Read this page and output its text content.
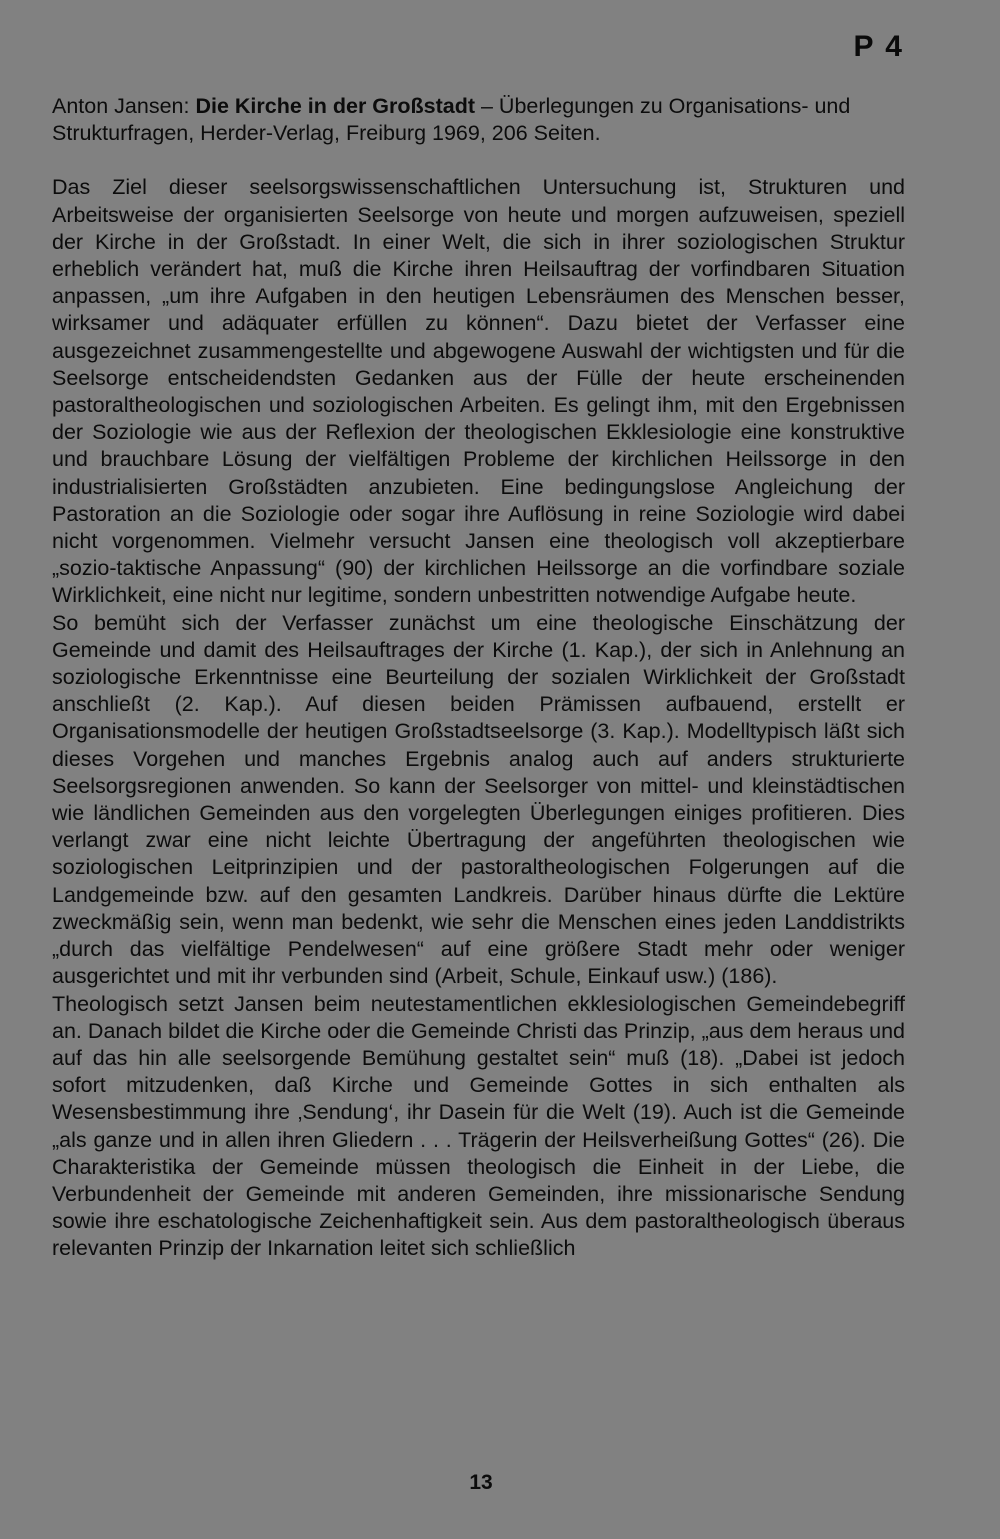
P 4

Anton Jansen: Die Kirche in der Großstadt – Überlegungen zu Organisations- und Strukturfragen, Herder-Verlag, Freiburg 1969, 206 Seiten.

Das Ziel dieser seelsorgswissenschaftlichen Untersuchung ist, Strukturen und Arbeitsweise der organisierten Seelsorge von heute und morgen aufzuweisen, speziell der Kirche in der Großstadt. In einer Welt, die sich in ihrer soziologischen Struktur erheblich verändert hat, muß die Kirche ihren Heilsauftrag der vorfindbaren Situation anpassen, „um ihre Aufgaben in den heutigen Lebensräumen des Menschen besser, wirksamer und adäquater erfüllen zu können“. Dazu bietet der Verfasser eine ausgezeichnet zusammengestellte und abgewogene Auswahl der wichtigsten und für die Seelsorge entscheidendsten Gedanken aus der Fülle der heute erscheinenden pastoraltheologischen und soziologischen Arbeiten. Es gelingt ihm, mit den Ergebnissen der Soziologie wie aus der Reflexion der theologischen Ekklesiologie eine konstruktive und brauchbare Lösung der vielfältigen Probleme der kirchlichen Heilssorge in den industrialisierten Großstädten anzubieten. Eine bedingungslose Angleichung der Pastoration an die Soziologie oder sogar ihre Auflösung in reine Soziologie wird dabei nicht vorgenommen. Vielmehr versucht Jansen eine theologisch voll akzeptierbare „sozio-taktische Anpassung“ (90) der kirchlichen Heilssorge an die vorfindbare soziale Wirklichkeit, eine nicht nur legitime, sondern unbestritten notwendige Aufgabe heute.

So bemüht sich der Verfasser zunächst um eine theologische Einschätzung der Gemeinde und damit des Heilsauftrages der Kirche (1. Kap.), der sich in Anlehnung an soziologische Erkenntnisse eine Beurteilung der sozialen Wirklichkeit der Großstadt anschließt (2. Kap.). Auf diesen beiden Prämissen aufbauend, erstellt er Organisationsmodelle der heutigen Großstadtseelsorge (3. Kap.). Modelltypisch läßt sich dieses Vorgehen und manches Ergebnis analog auch auf anders strukturierte Seelsorgsregionen anwenden. So kann der Seelsorger von mittel- und kleinstädtischen wie ländlichen Gemeinden aus den vorgelegten Überlegungen einiges profitieren. Dies verlangt zwar eine nicht leichte Übertragung der angeführten theologischen wie soziologischen Leitprinzipien und der pastoraltheologischen Folgerungen auf die Landgemeinde bzw. auf den gesamten Landkreis. Darüber hinaus dürfte die Lektüre zweckmäßig sein, wenn man bedenkt, wie sehr die Menschen eines jeden Landdistrikts „durch das vielfältige Pendelwesen“ auf eine größere Stadt mehr oder weniger ausgerichtet und mit ihr verbunden sind (Arbeit, Schule, Einkauf usw.) (186).

Theologisch setzt Jansen beim neutestamentlichen ekklesiologischen Gemeindebegriff an. Danach bildet die Kirche oder die Gemeinde Christi das Prinzip, „aus dem heraus und auf das hin alle seelsorgende Bemühung gestaltet sein“ muß (18). „Dabei ist jedoch sofort mitzudenken, daß Kirche und Gemeinde Gottes in sich enthalten als Wesensbestimmung ihre ‚Sendung‘, ihr Dasein für die Welt (19). Auch ist die Gemeinde „als ganze und in allen ihren Gliedern . . . Trägerin der Heilsverheißung Gottes“ (26). Die Charakteristika der Gemeinde müssen theologisch die Einheit in der Liebe, die Verbundenheit der Gemeinde mit anderen Gemeinden, ihre missionarische Sendung sowie ihre eschatologische Zeichenhaftigkeit sein. Aus dem pastoraltheologisch überaus relevanten Prinzip der Inkarnation leitet sich schließlich

13
